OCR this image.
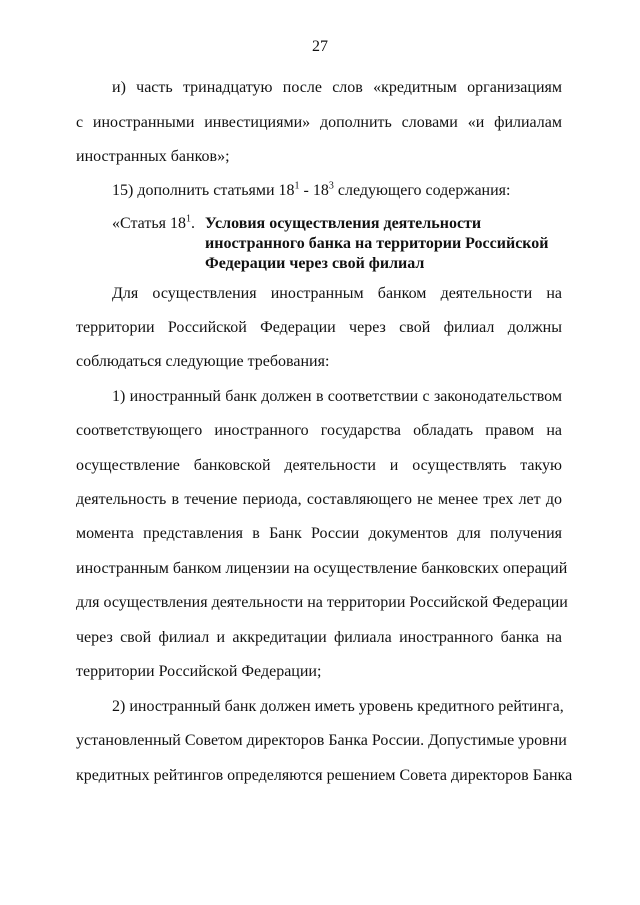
27
и) часть тринадцатую после слов «кредитным организациям
с иностранными инвестициями» дополнить словами «и филиалам
иностранных банков»;
15) дополнить статьями $18^1 - 18^3$ следующего содержания:
«Статья $18^1$. Условия осуществления деятельности
иностранного банка на территории Российской
Федерации через свой филиал
Для осуществления иностранным банком деятельности на
территории Российской Федерации через свой филиал должны
соблюдаться следующие требования:
1) иностранный банк должен в соответствии с законодательством
соответствующего иностранного государства обладать правом на
осуществление банковской деятельности и осуществлять такую
деятельность в течение периода, составляющего не менее трех лет до
момента представления в Банк России документов для получения
иностранным банком лицензии на осуществление банковских операций
для осуществления деятельности на территории Российской Федерации
через свой филиал и аккредитации филиала иностранного банка на
территории Российской Федерации;
2) иностранный банк должен иметь уровень кредитного рейтинга,
установленный Советом директоров Банка России. Допустимые уровни
кредитных рейтингов определяются решением Совета директоров Банка
